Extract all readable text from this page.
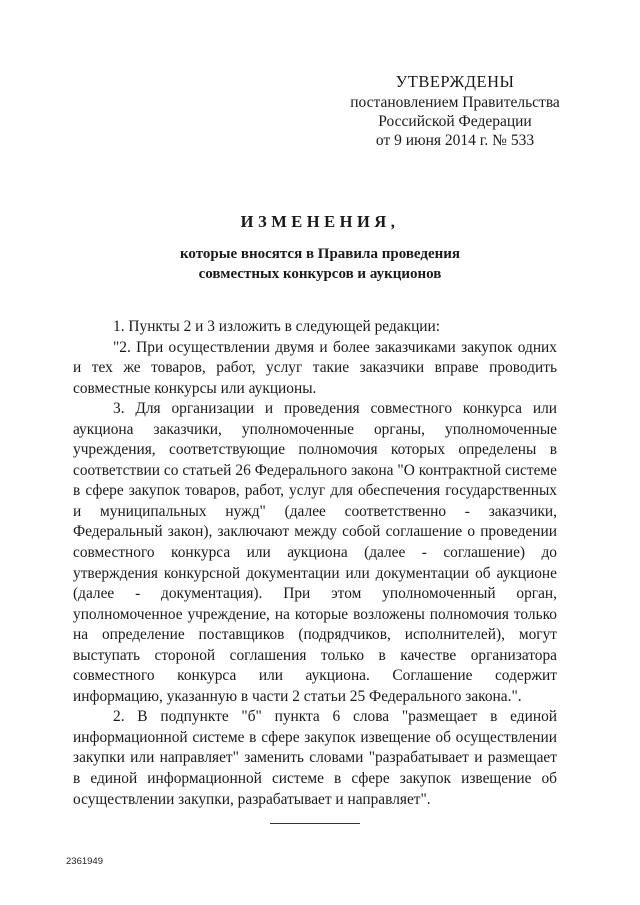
УТВЕРЖДЕНЫ
постановлением Правительства
Российской Федерации
от 9 июня 2014 г. № 533
ИЗМЕНЕНИЯ,
которые вносятся в Правила проведения
совместных конкурсов и аукционов

1. Пункты 2 и 3 изложить в следующей редакции:

"2. При осуществлении двумя и более заказчиками закупок одних и тех же товаров, работ, услуг такие заказчики вправе проводить совместные конкурсы или аукционы.

3. Для организации и проведения совместного конкурса или аукциона заказчики, уполномоченные органы, уполномоченные учреждения, соответствующие полномочия которых определены в соответствии со статьей 26 Федерального закона "О контрактной системе в сфере закупок товаров, работ, услуг для обеспечения государственных и муниципальных нужд" (далее соответственно - заказчики, Федеральный закон), заключают между собой соглашение о проведении совместного конкурса или аукциона (далее - соглашение) до утверждения конкурсной документации или документации об аукционе (далее - документация). При этом уполномоченный орган, уполномоченное учреждение, на которые возложены полномочия только на определение поставщиков (подрядчиков, исполнителей), могут выступать стороной соглашения только в качестве организатора совместного конкурса или аукциона. Соглашение содержит информацию, указанную в части 2 статьи 25 Федерального закона.".

2. В подпункте "б" пункта 6 слова "размещает в единой информационной системе в сфере закупок извещение об осуществлении закупки или направляет" заменить словами "разрабатывает и размещает в единой информационной системе в сфере закупок извещение об осуществлении закупки, разрабатывает и направляет".

2361949
